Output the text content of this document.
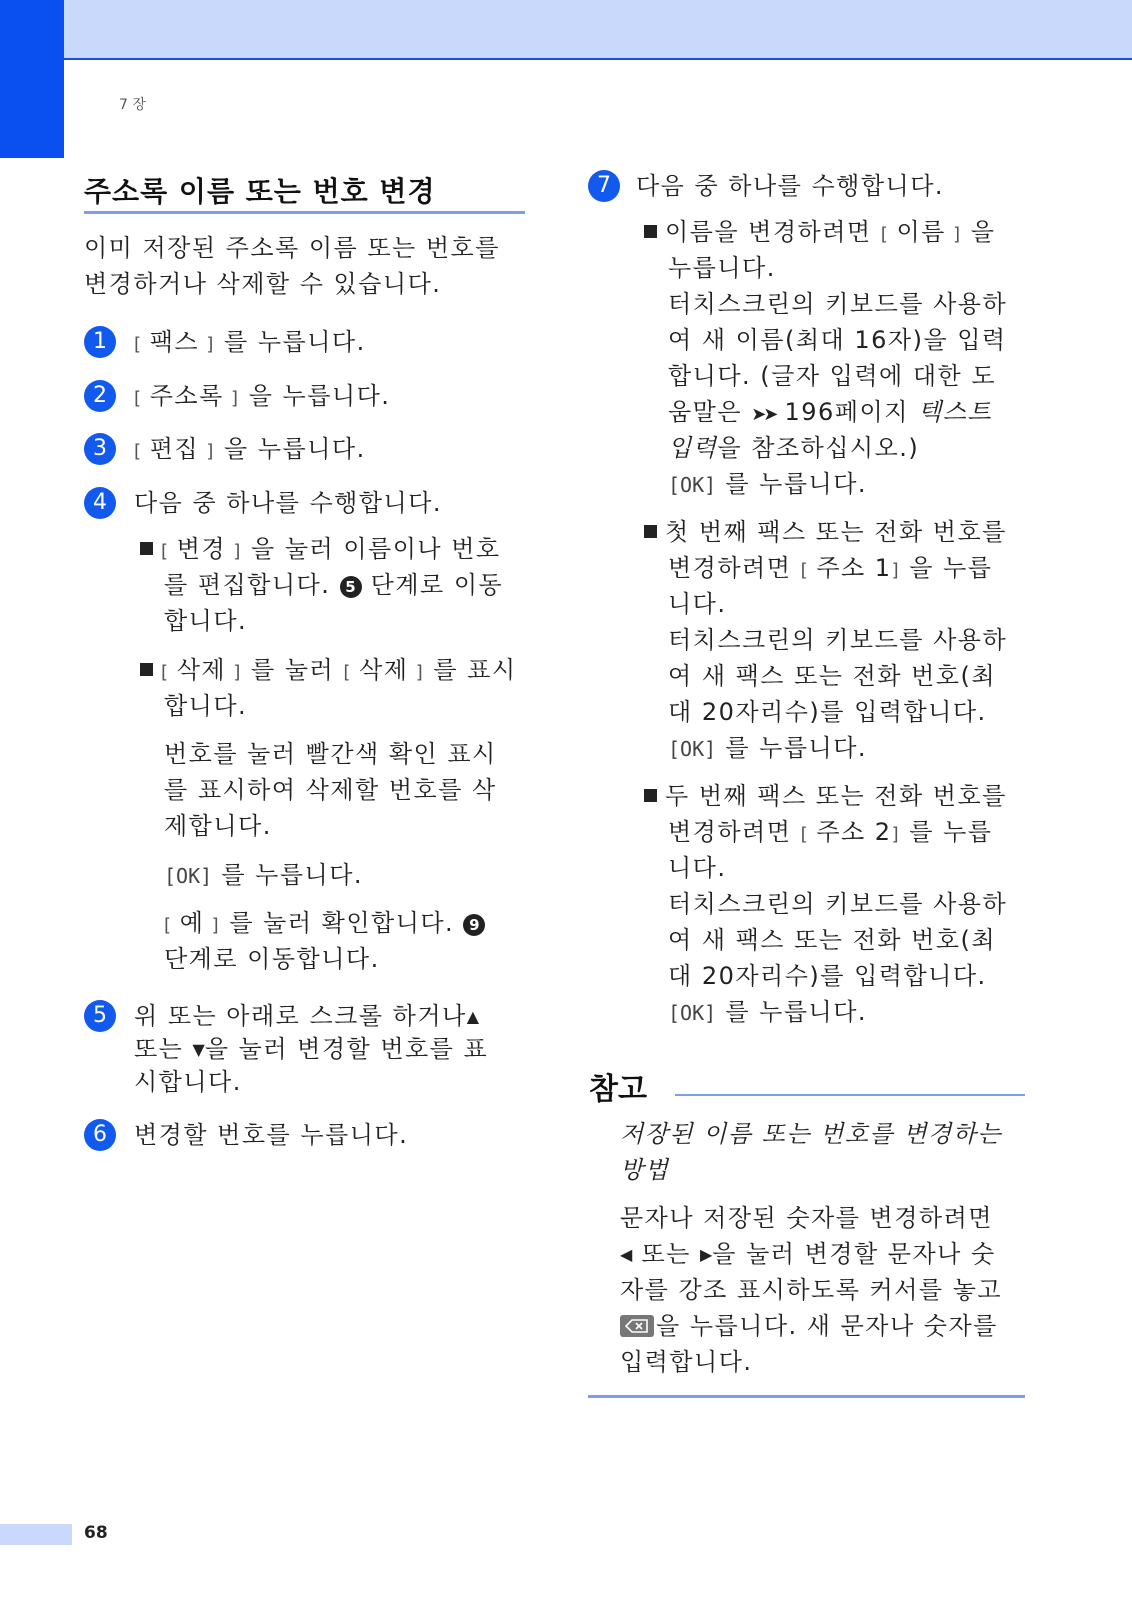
7 장
68
주소록 이름 또는 번호 변경
이미 저장된 주소록 이름 또는 번호를
변경하거나 삭제할 수 있습니다.
1	[ 팩스 ] 를 누릅니다.
2	[ 주소록 ] 을 누릅니다.
3	[ 편집 ] 을 누릅니다.
4	다음 중 하나를 수행합니다.
[ 변경 ] 을 눌러 이름이나 번호
를 편집합니다. 5 단계로 이동
합니다.
[ 삭제 ] 를 눌러 [ 삭제 ] 를 표시
합니다.
번호를 눌러 빨간색 확인 표시
를 표시하여 삭제할 번호를 삭
제합니다.
[OK] 를 누릅니다.
[ 예 ] 를 눌러 확인합니다. 9
단계로 이동합니다.
5	위 또는 아래로 스크롤 하거나▲
또는 ▼을 눌러 변경할 번호를 표
시합니다.
6	변경할 번호를 누릅니다.
7	다음 중 하나를 수행합니다.
이름을 변경하려면 [ 이름 ] 을
누릅니다.
터치스크린의 키보드를 사용하
여 새 이름(최대 16자)을 입력
합니다. (글자 입력에 대한 도
움말은 ➤➤ 196페이지 텍스트
입력을 참조하십시오.)
[OK] 를 누릅니다.
첫 번째 팩스 또는 전화 번호를
변경하려면 [ 주소 1] 을 누릅
니다.
터치스크린의 키보드를 사용하
여 새 팩스 또는 전화 번호(최
대 20자리수)를 입력합니다.
[OK] 를 누릅니다.
두 번째 팩스 또는 전화 번호를
변경하려면 [ 주소 2] 를 누릅
니다.
터치스크린의 키보드를 사용하
여 새 팩스 또는 전화 번호(최
대 20자리수)를 입력합니다.
[OK] 를 누릅니다.
참고
저장된 이름 또는 번호를 변경하는
방법
문자나 저장된 숫자를 변경하려면
◀ 또는 ▶을 눌러 변경할 문자나 숫
자를 강조 표시하도록 커서를 놓고
을 누릅니다. 새 문자나 숫자를
입력합니다.
